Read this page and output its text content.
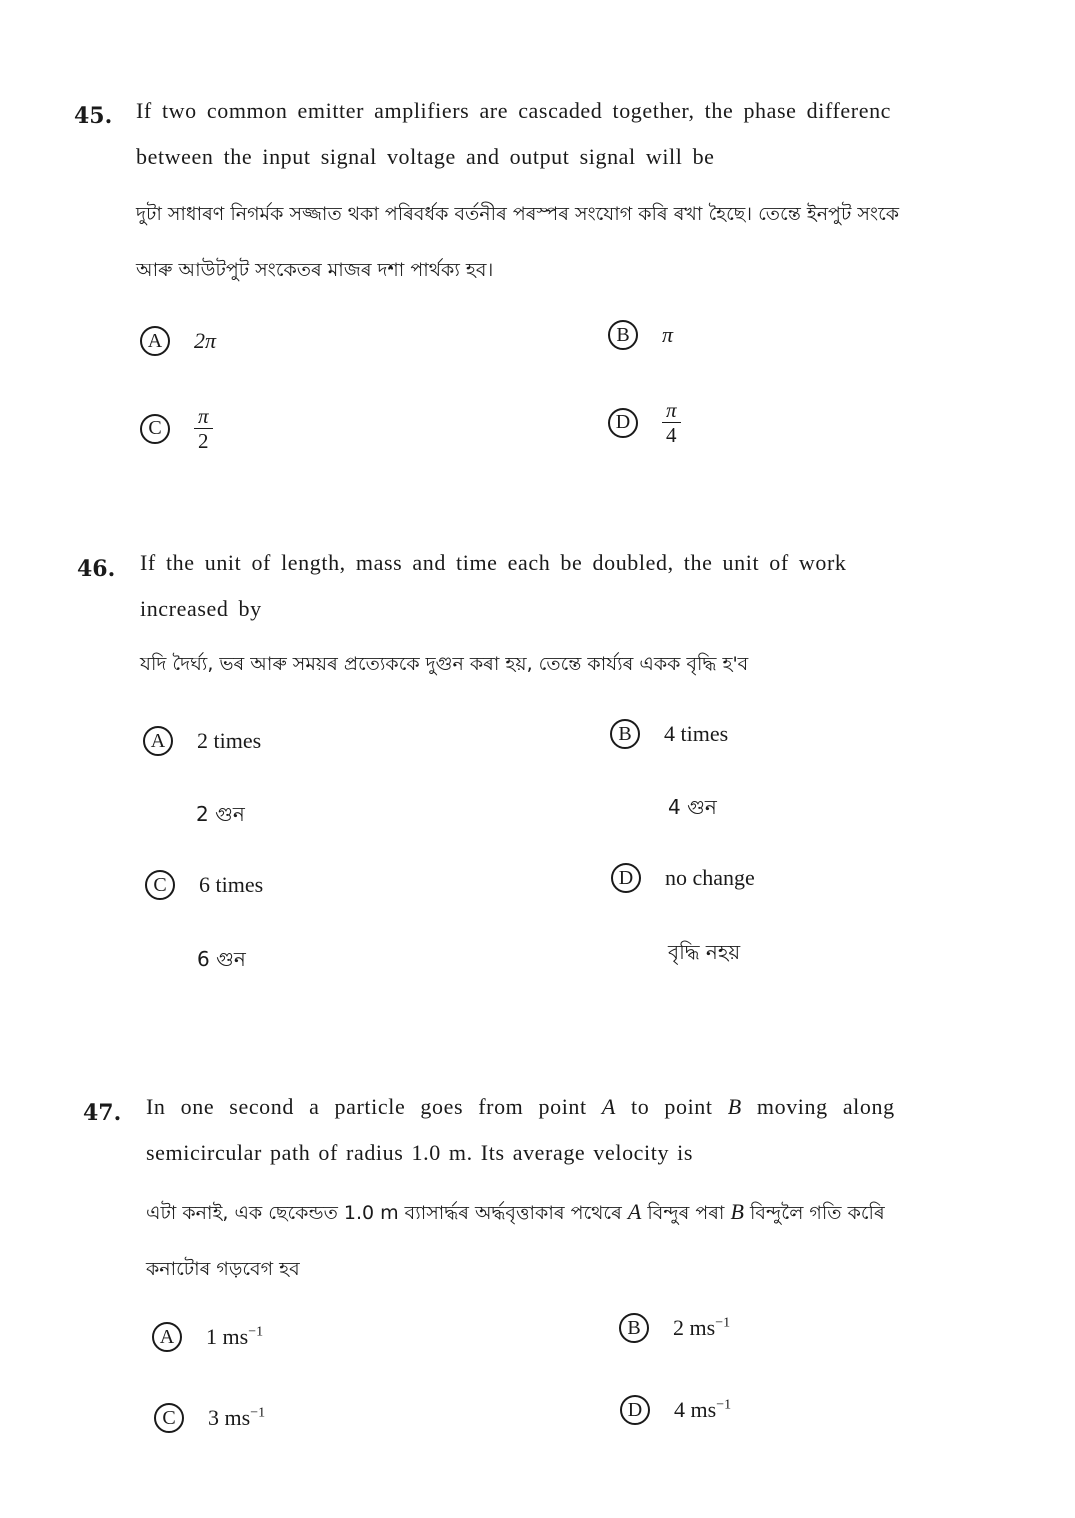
45. If two common emitter amplifiers are cascaded together, the phase differenc
between the input signal voltage and output signal will be
দুটা সাধাৰণ নিগৰ্মক সজ্জাত থকা পৰিবৰ্ধক বৰ্তনীৰ পৰস্পৰ সংযোগ কৰি ৰখা হৈছে। তেন্তে ইনপুট সংকে
আৰু আউটপুট সংকেতৰ মাজৰ দশা পাৰ্থক্য হব।
A	2π	B	π
C	$\frac{\pi}{2}$	D	$\frac{\pi}{4}$
46. If the unit of length, mass and time each be doubled, the unit of work
increased by
যদি দৈৰ্ঘ্য, ভৰ আৰু সময়ৰ প্ৰত্যেককে দুগুন কৰা হয়, তেন্তে কাৰ্য্যৰ একক বৃদ্ধি হ'ব
A	2 times
2 গুন
B	4 times
4 গুন
C	6 times
6 গুন
D	no change
বৃদ্ধি নহয়
47. In one second a particle goes from point A to point B moving along
semicircular path of radius 1.0 m. Its average velocity is
এটা কনাই, এক ছেকেন্ডত 1.0 m ব্যাসাৰ্দ্ধৰ অৰ্দ্ধবৃত্তাকাৰ পথেৰে A বিন্দুৰ পৰা B বিন্দুলৈ গতি কৰিে
কনাটোৰ গড়বেগ হব
A	1 $ms^{-1}$	B	2 $ms^{-1}$
C	3 $ms^{-1}$	D	4 $ms^{-1}$
